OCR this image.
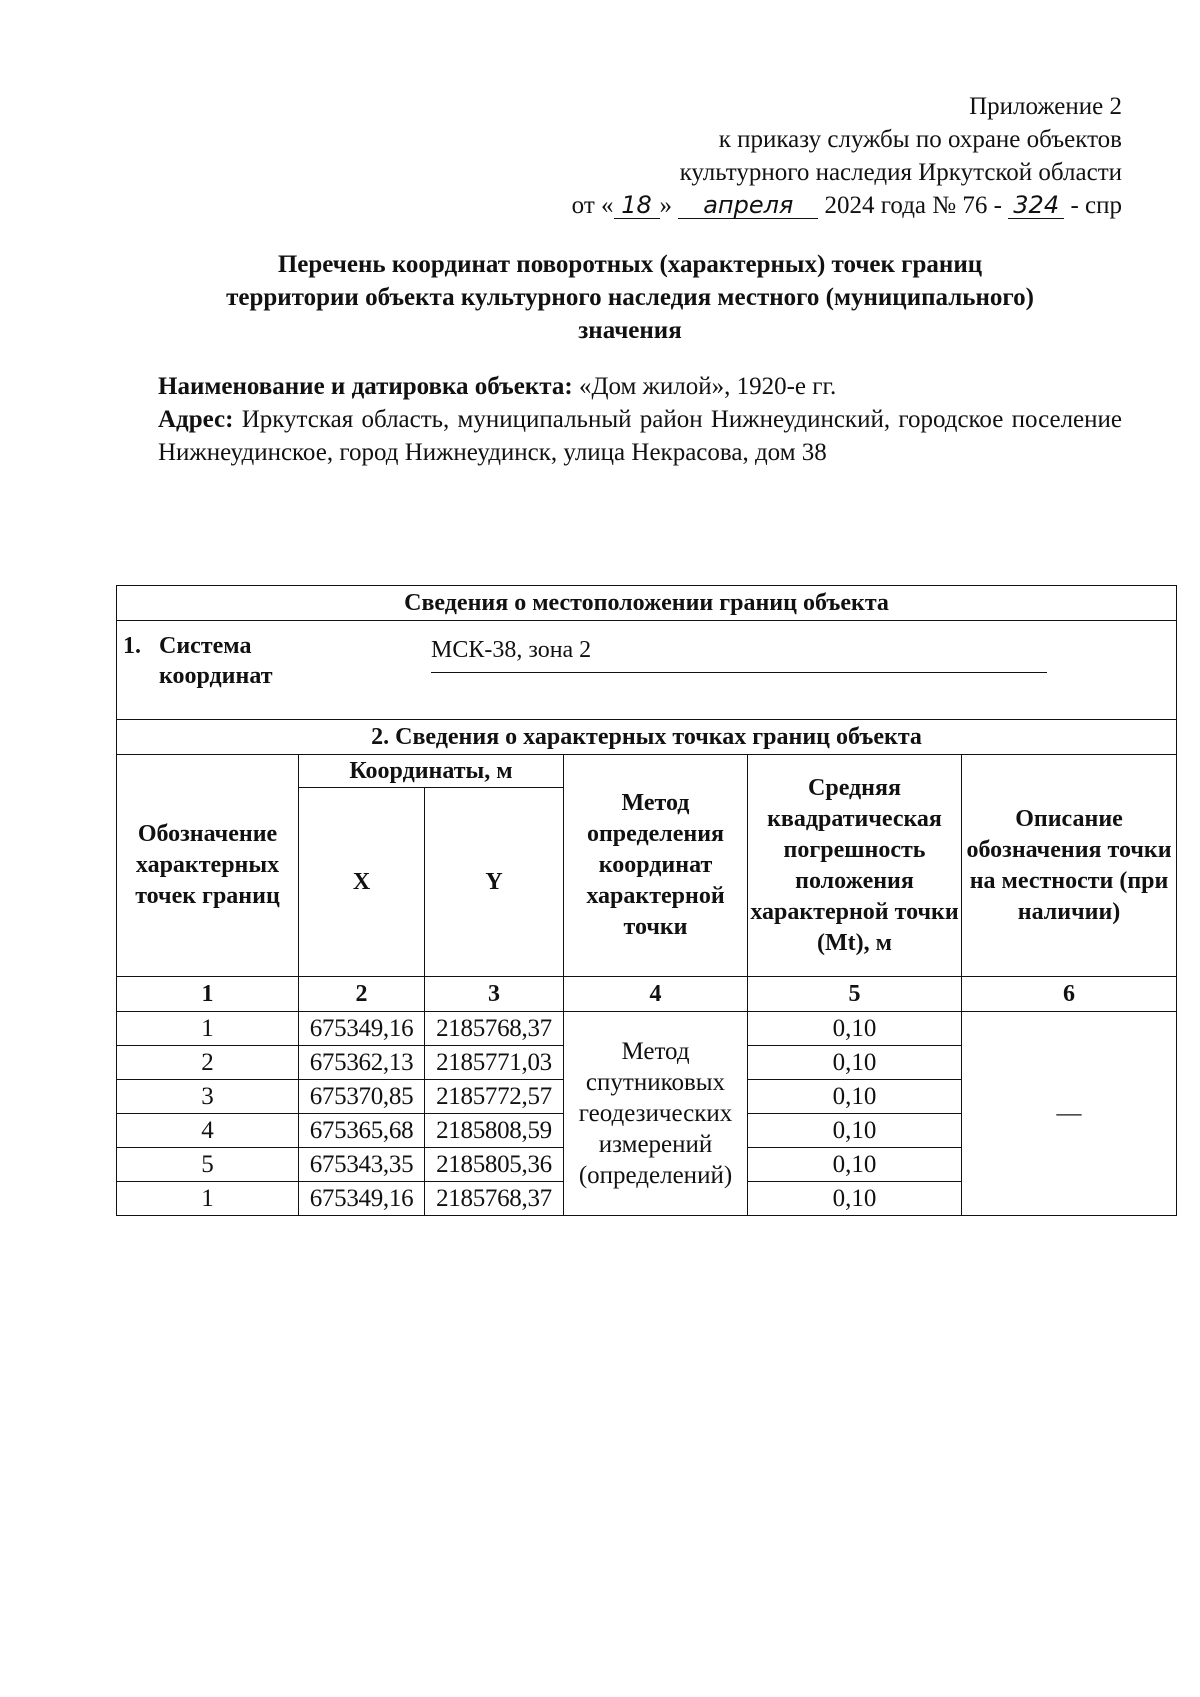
Приложение 2
к приказу службы по охране объектов
культурного наследия Иркутской области
от « 18 » апреля 2024 года № 76 - 324 - спр
Перечень координат поворотных (характерных) точек границ
территории объекта культурного наследия местного (муниципального)
значения

Наименование и датировка объекта: «Дом жилой», 1920-е гг.

Адрес: Иркутская область, муниципальный район Нижнеудинский, городское поселение Нижнеудинское, город Нижнеудинск, улица Некрасова, дом 38

Сведения о местоположении границ объекта					

1. Система
координат
МСК-38, зона 2					

2. Сведения о характерных точках границ объекта					
Обозначение характерных точек границ	Координаты, м		Метод определения координат характерной точки	Средняя квадратическая погрешность положения характерной точки (Mt), м	Описание обозначения точки на местности (при наличии)
	X	Y			
1	2	3	4	5	6
1	675349,16	2185768,37	Метод спутниковых геодезических измерений (определений)	0,10	—
2	675362,13	2185771,03		0,10	
3	675370,85	2185772,57		0,10	
4	675365,68	2185808,59		0,10	
5	675343,35	2185805,36		0,10	
1	675349,16	2185768,37		0,10	
